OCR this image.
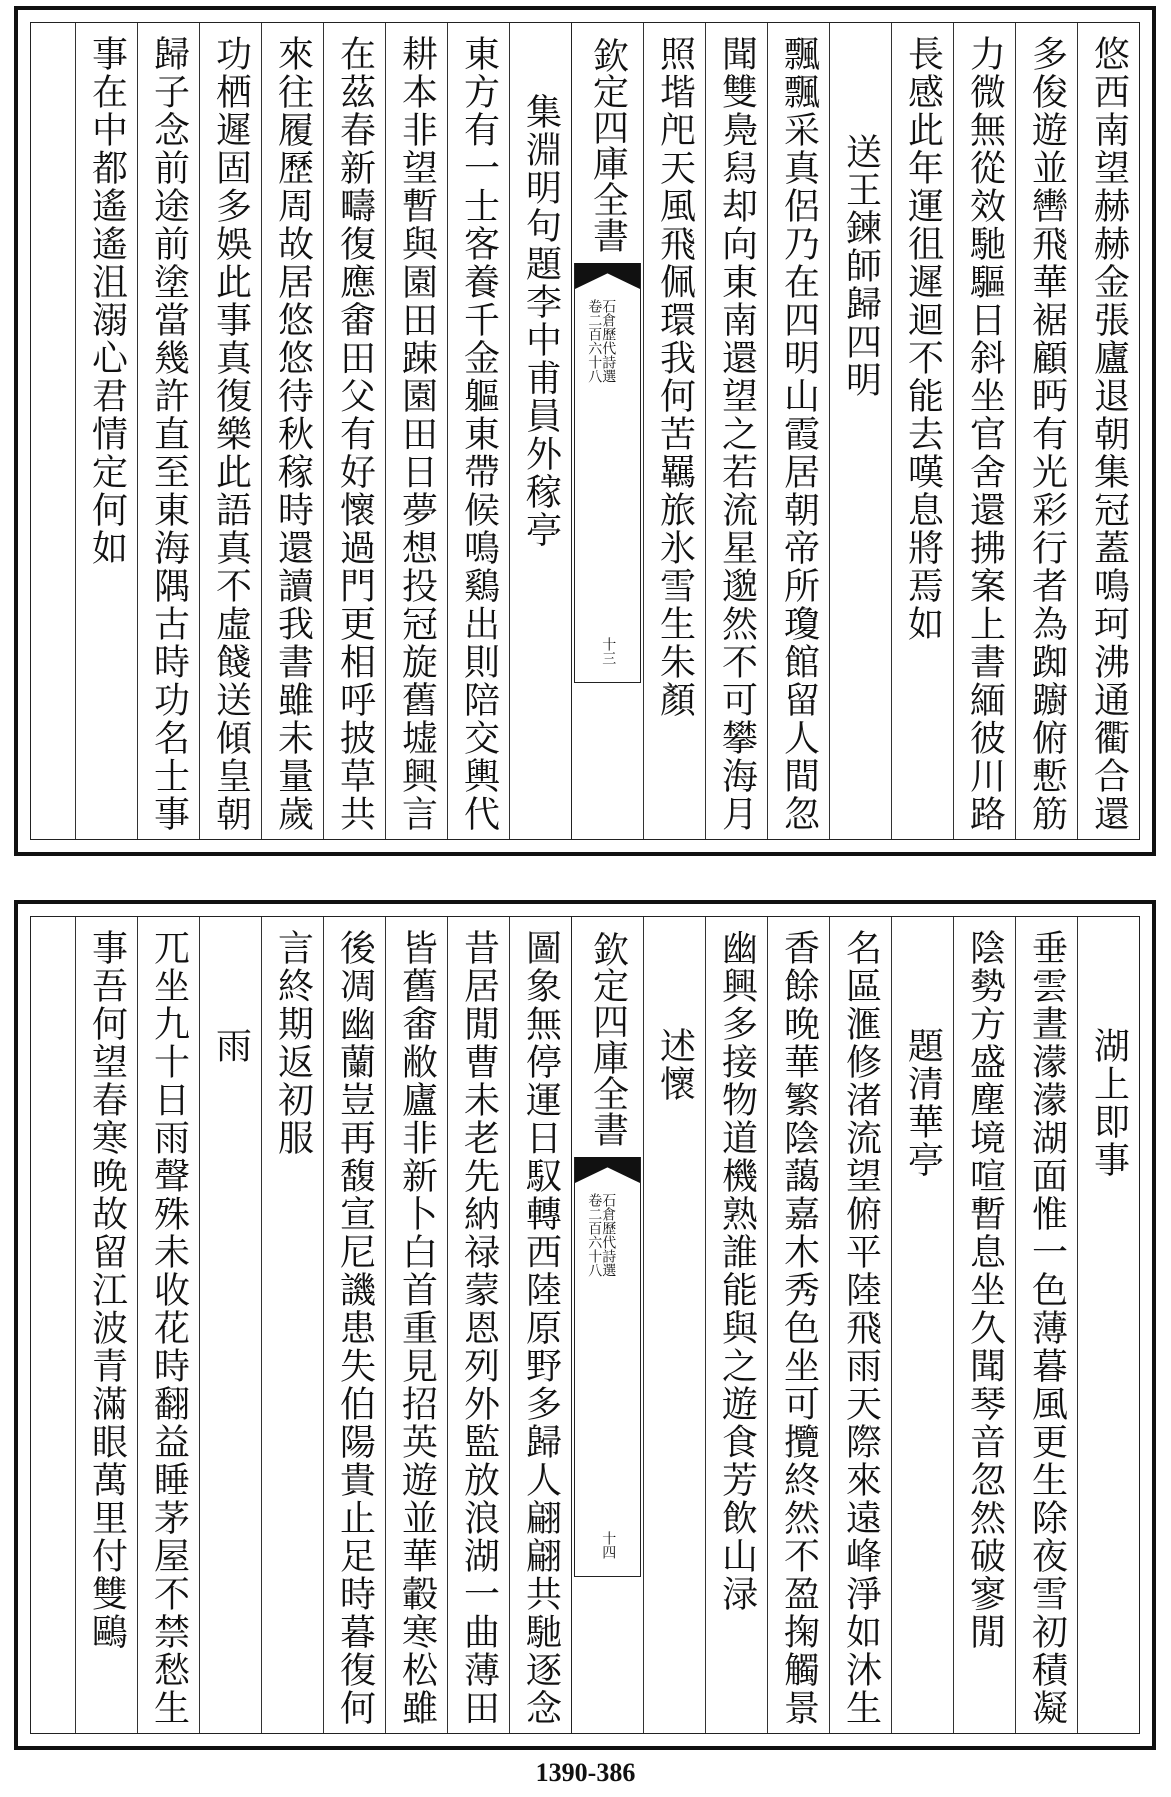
悠西南望赫赫金張廬退朝集冠蓋鳴珂沸通衢合還
多俊遊並轡飛華裾顧眄有光彩行者為踟躕俯慙筋
力微無從效馳驅日斜坐官舍還拂案上書緬彼川路
長感此年運徂遲迴不能去嘆息將焉如
送王鍊師歸四明
飄飄采真侶乃在四明山霞居朝帝所瓊館留人間忽
聞雙鳧舄却向東南還望之若流星邈然不可攀海月
照堦戺天風飛佩環我何苦羈旅氷雪生朱顏
欽定四庫全書
石倉歷代詩選
卷二百六十八
十三
集淵明句題李中甫員外稼亭
東方有一士客養千金軀東帶候鳴鷄出則陪交輿代
耕本非望暫與園田踈園田日夢想投冠旋舊墟興言
在茲春新疇復應畬田父有好懷過門更相呼披草共
來往履歷周故居悠悠待秋稼時還讀我書雖未量歲
功栖遲固多娛此事真復樂此語真不虛餞送傾皇朝
歸子念前途前塗當幾許直至東海隅古時功名士事
事在中都遙遙沮溺心君情定何如
湖上即事
垂雲晝濛濛湖面惟一色薄暮風更生除夜雪初積凝
陰勢方盛塵境喧暫息坐久聞琴音忽然破寥閒
題清華亭
名區滙修渚流望俯平陸飛雨天際來遠峰淨如沐生
香餘晚華繁陰藹嘉木秀色坐可攬終然不盈掬觸景
幽興多接物道機熟誰能與之遊食芳飲山渌
述懷
欽定四庫全書
石倉歷代詩選
卷二百六十八
十四
圖象無停運日馭轉西陸原野多歸人翩翩共馳逐念
昔居閒曹未老先納禄蒙恩列外監放浪湖一曲薄田
皆舊畬敝廬非新卜白首重見招英遊並華轂寒松雖
後凋幽蘭豈再馥宣尼譏患失伯陽貴止足時暮復何
言終期返初服
雨
兀坐九十日雨聲殊未收花時翻益睡茅屋不禁愁生
事吾何望春寒晚故留江波青滿眼萬里付雙鷗
1390-386
